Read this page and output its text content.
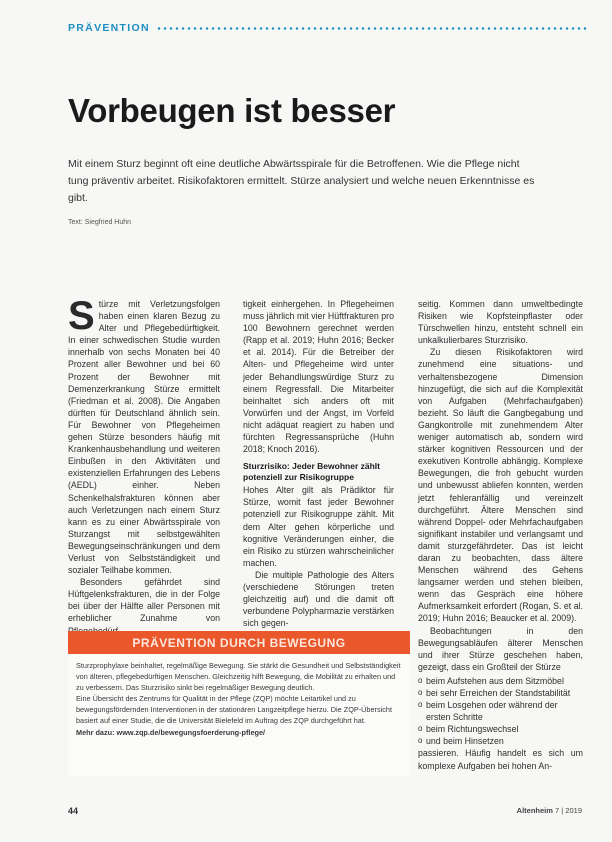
PRÄVENTION
Vorbeugen ist besser

Mit einem Sturz beginnt oft eine deutliche Abwärtsspirale für die Betroffenen. Wie die Pflege nicht tung präventiv arbeitet. Risikofaktoren ermittelt. Stürze analysiert und welche neuen Erkenntnisse es gibt.

Text: Siegfried Huhn

Stürze mit Verletzungsfolgen haben einen klaren Bezug zu Alter und Pflegebedürftigkeit. In einer schwedischen Studie wurden innerhalb von sechs Monaten bei 40 Prozent aller Bewohner und bei 60 Prozent der Bewohner mit Demenzerkrankung Stürze ermittelt (Friedman et al. 2008). Die Angaben dürften für Deutschland ähnlich sein. Für Bewohner von Pflegeheimen gehen Stürze besonders häufig mit Krankenhausbehandlung und weiteren Einbußen in den Aktivitäten und existenziellen Erfahrungen des Lebens (AEDL) einher. Neben Schenkelhalsfrakturen können aber auch Verletzungen nach einem Sturz kann es zu einer Abwärtsspirale von Sturzangst mit selbstgewählten Bewegungseinschränkungen und dem Verlust von Selbstständigkeit und sozialer Teilhabe kommen.

Besonders gefährdet sind Hüftgelenksfrakturen, die in der Folge bei über der Hälfte aller Personen mit erheblicher Zunahme von

tigkeit einhergehen. In Pflegeheimen muss jährlich mit vier Hüftfrakturen pro 100 Bewohnern gerechnet werden (Rapp et al. 2019; Huhn 2016; Becker et al. 2014). Für die Betreiber der Alten- und Pflegeheime wird unter jeder Behandlungswürdige Sturz zu einem Regressfall. Die Mitarbeiter beinhaltet sich anders oft mit Vorwürfen und der Angst, im Vorfeld nicht adäquat reagiert zu haben und fürchten Regressansprüche (Huhn 2018; Knoch 2016).

Sturzrisiko: Jeder Bewohner zählt potenziell zur Risikogruppe

Hohes Alter gilt als Prädiktor für Stürze, womit fast jeder Bewohner potenziell zur Risikogruppe zählt. Mit dem Alter gehen körperliche und kognitive Veränderungen einher, die ein Risiko zu stürzen wahrscheinlicher machen.

Die multiple Pathologie des Alters (verschiedene Störungen treten gleichzeitig auf) und die damit oft verbundene Polypharmazie verstärken sich gegen-

seitig. Kommen dann umweltbedingte Risiken wie Kopfsteinpflaster oder Türschwellen hinzu, entsteht schnell ein unkalkulierbares Sturzrisiko.

Zu diesen Risikofaktoren wird zunehmend eine situations- und verhaltensbezogene Dimension hinzugefügt, die sich auf die Komplexität von Aufgaben (Mehrfachaufgaben) bezieht. So läuft die Gangbegabung und Gangkontrolle mit zunehmendem Alter weniger automatisch ab, sondern wird stärker kognitiven Ressourcen und der exekutiven Kontrolle abhängig. Komplexe Bewegungen, die froh gebucht wurden und unbewusst abliefen konnten, werden jetzt fehleranfällig und vereinzelt durchgeführt. Ältere Menschen sind während Doppel- oder Mehrfachaufgaben signifikant instabiler und verlangsamt und damit sturzgefährdeter. Das ist leicht daran zu beobachten, dass ältere Menschen während des Gehens langsamer werden und stehen bleiben, wenn das Gespräch eine höhere Aufmerksamkeit erfordert (Rogan, S. et al. 2019; Huhn 2016; Beaucker et al. 2009).

Beobachtungen in den Bewegungsabläufen älterer Menschen und ihrer Stürze geschehen haben, gezeigt, dass ein Großteil der Stürze

o beim Aufstehen aus dem Sitzmöbel
o bei sehr Erreichen der Standstabilität
o beim Losgehen oder während der ersten Schritte
o beim Richtungswechsel
o und beim Hinsetzen

passieren. Häufig handelt es sich um komplexe Aufgaben bei hohen An-

PRÄVENTION DURCH BEWEGUNG

Sturzprophylaxe beinhaltet, regelmäßige Bewegung. Sie stärkt die Gesundheit und Selbstständigkeit von älteren, pflegebedürftigen Menschen. Gleichzeitig hilft Bewegung, die Mobilität zu erhalten und zu verbessern. Das Sturzrisiko sinkt bei regelmäßiger Bewegung deutlich.

Eine Übersicht des Zentrums für Qualität in der Pflege (ZQP) möchte Leitartikel und zu bewegungsfördernden Interventionen in der stationären Langzeitpflege hierzu. Die ZQP-Übersicht basiert auf einer Studie, die die Universität Bielefeld im Auftrag des ZQP durchgeführt hat.

Mehr dazu: www.zqp.de/bewegungsfoerderung-pflege/

44	Altenheim 7 | 2019
